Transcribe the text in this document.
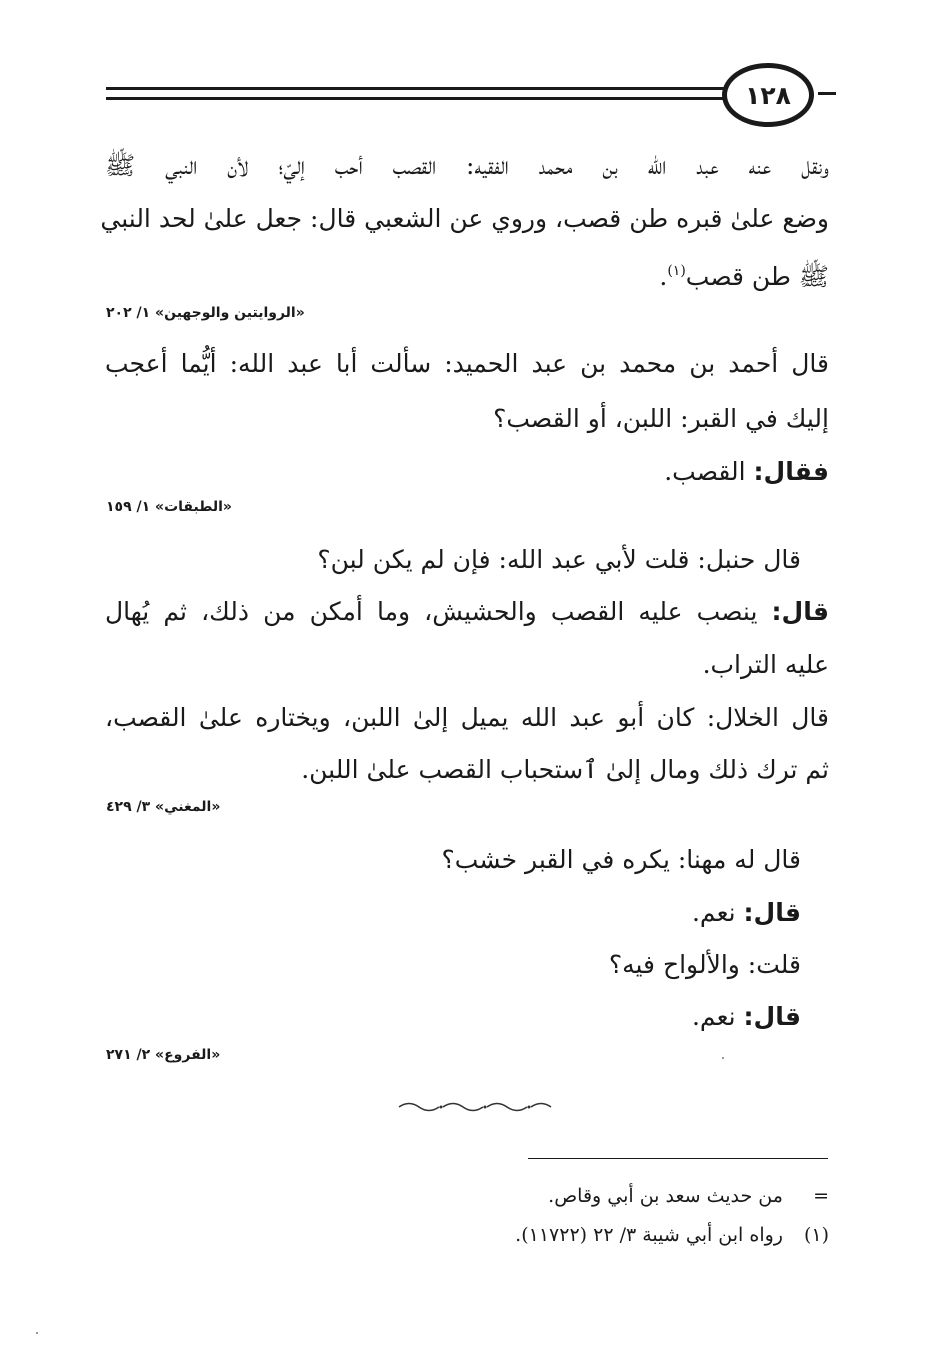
١٢٨
ونقل عنه عبد الله بن محمد الفقيه: القصب أحب إليّ؛ لأن النبي ﷺ
وضع علىٰ قبره طن قصب، وروي عن الشعبي قال: جعل علىٰ لحد النبي
ﷺ طن قصب$^{(١)}$.
«الروايتين والوجهين» ١/ ٢٠٢
قال أحمد بن محمد بن عبد الحميد: سألت أبا عبد الله: أيُّما أعجب
إليك في القبر: اللبن، أو القصب؟
فقال: القصب.
«الطبقات» ١/ ١٥٩
قال حنبل: قلت لأبي عبد الله: فإن لم يكن لبن؟
قال: ينصب عليه القصب والحشيش، وما أمكن من ذلك، ثم يُهال
عليه التراب.
قال الخلال: كان أبو عبد الله يميل إلىٰ اللبن، ويختاره علىٰ القصب،
ثم ترك ذلك ومال إلىٰ ٱستحباب القصب علىٰ اللبن.
«المغني» ٣/ ٤٢٩
قال له مهنا: يكره في القبر خشب؟
قال: نعم.
قلت: والألواح فيه؟
قال: نعم.
«الفروع» ٢/ ٢٧١
= من حديث سعد بن أبي وقاص.
(١) رواه ابن أبي شيبة ٣/ ٢٢ (١١٧٢٢).
